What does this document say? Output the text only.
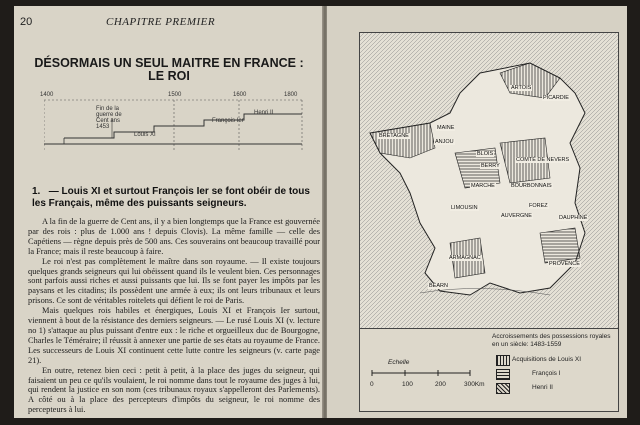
20	CHAPITRE PREMIER
DÉSORMAIS UN SEUL MAITRE EN FRANCE :
LE ROI
1400	1500	1600	1800
Fin de la guerre de Cent ans 1453
Louis XI
François Ier
Henri II
1. — Louis XI et surtout François Ier se font obéir de tous les Français, même des puissants seigneurs.

A la fin de la guerre de Cent ans, il y a bien longtemps que la France est gouvernée par des rois : plus de 1.000 ans ! depuis Clovis). La même famille — celle des Capétiens — règne depuis près de 500 ans. Ces souverains ont beaucoup travaillé pour la France; mais il reste beaucoup à faire.

Le roi n'est pas complètement le maître dans son royaume. — Il existe toujours quelques grands seigneurs qui lui obéissent quand ils le veulent bien. Ces personnages sont parfois aussi riches et aussi puissants que lui. Ils se font payer les impôts par les paysans et les citadins; ils possèdent une armée à eux; ils ont leurs tribunaux et leurs prisons. Ce sont de véritables roitelets qui défient le roi de Paris.

Mais quelques rois habiles et énergiques, Louis XI et François Ier surtout, viennent à bout de la résistance des derniers seigneurs. — Le rusé Louis XI (v. lecture no 1) s'attaque au plus puissant d'entre eux : le riche et orgueilleux duc de Bourgogne, Charles le Téméraire; il réussit à annexer une partie de ses états au royaume de France. Les successeurs de Louis XI continuent cette lutte contre les seigneurs (v. carte page 21).

En outre, retenez bien ceci : petit à petit, à la place des juges du seigneur, qui faisaient un peu ce qu'ils voulaient, le roi nomme dans tout le royaume des juges à lui, qui rendent la justice en son nom (ces tribunaux royaux s'appelleront des Parlements). A côté ou à la place des percepteurs d'impôts du seigneur, le roi nomme des percepteurs à lui.

ARTOIS
PICARDIE
BRETAGNE
ANJOU
MAINE
BERRY
BLOIS
COMTÉ DE NEVERS
BOURBONNAIS
MARCHE
LIMOUSIN
AUVERGNE
FOREZ
ARMAGNAC
BÉARN
PROVENCE
DAUPHINÉ
Echelle
0	100	200	300Km
Accroissements des possessions royales en un siècle: 1483-1559
Acquisitions de Louis XI
François I
Henri II
